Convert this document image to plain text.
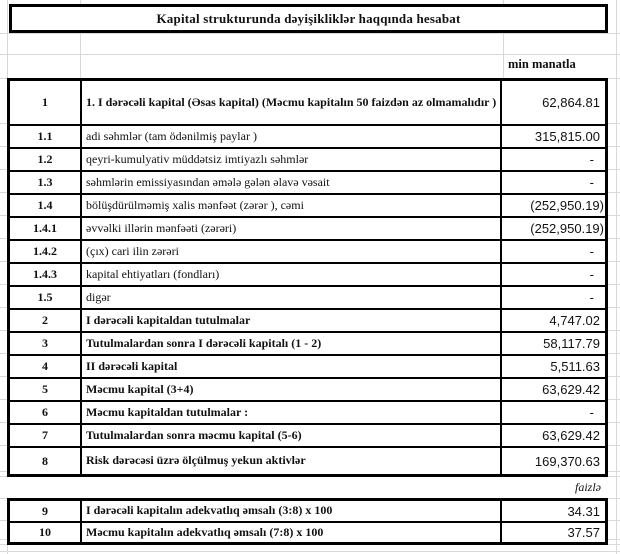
Kapital strukturunda dəyişikliklər haqqında hesabat
min manatla
1	1. I dərəcəli kapital (Əsas kapital) (Məcmu kapitalın 50 faizdən az olmamalıdır )	62,864.81
1.1	adi səhmlər (tam ödənilmiş paylar )	315,815.00
1.2	qeyri-kumulyativ müddətsiz imtiyazlı səhmlər	-
1.3	səhmlərin emissiyasından əmələ gələn əlavə vəsait	-
1.4	bölüşdürülməmiş xalis mənfəət (zərər ), cəmi	(252,950.19)
1.4.1	əvvəlki illərin mənfəəti (zərəri)	(252,950.19)
1.4.2	(çıx) cari ilin zərəri	-
1.4.3	kapital ehtiyatları (fondları)	-
1.5	digər	-
2	I dərəcəli kapitaldan tutulmalar	4,747.02
3	Tutulmalardan sonra I dərəcəli kapitalı (1 - 2)	58,117.79
4	II dərəcəli kapital	5,511.63
5	Məcmu kapital (3+4)	63,629.42
6	Məcmu kapitaldan tutulmalar :	-
7	Tutulmalardan sonra məcmu kapital (5-6)	63,629.42
8	Risk dərəcəsi üzrə ölçülmuş yekun aktivlər	169,370.63
faizlə
9	I dərəcəli kapitalın adekvatlıq əmsalı (3:8) x 100	34.31
10	Məcmu kapitalın adekvatlıq əmsalı (7:8) x 100	37.57
